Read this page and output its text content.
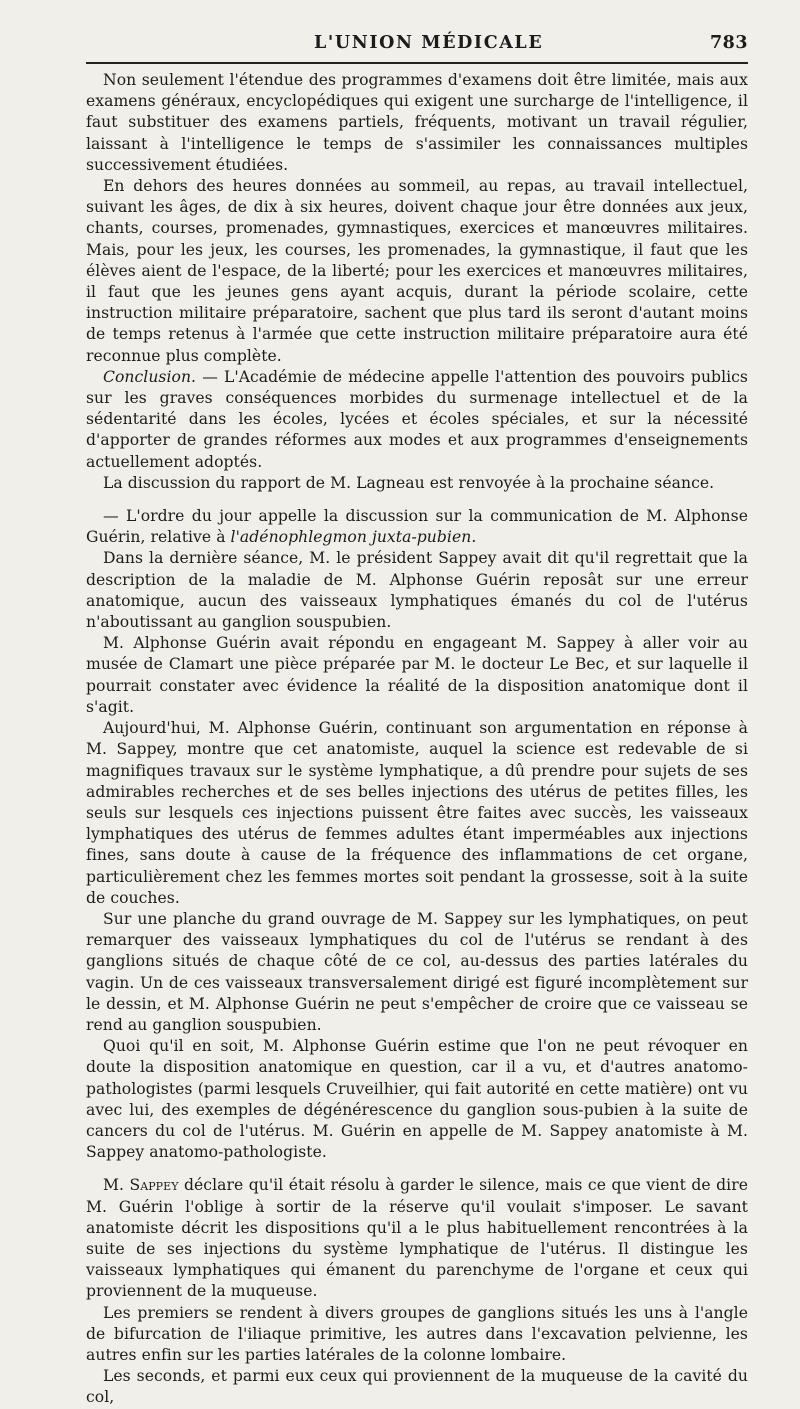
L'UNION MÉDICALE	783

Non seulement l'étendue des programmes d'examens doit être limitée, mais aux examens généraux, encyclopédiques qui exigent une surcharge de l'intelligence, il faut substituer des examens partiels, fréquents, motivant un travail régulier, laissant à l'intelligence le temps de s'assimiler les connaissances multiples successivement étudiées.

En dehors des heures données au sommeil, au repas, au travail intellectuel, suivant les âges, de dix à six heures, doivent chaque jour être données aux jeux, chants, courses, promenades, gymnastiques, exercices et manœuvres militaires. Mais, pour les jeux, les courses, les promenades, la gymnastique, il faut que les élèves aient de l'espace, de la liberté; pour les exercices et manœuvres militaires, il faut que les jeunes gens ayant acquis, durant la période scolaire, cette instruction militaire préparatoire, sachent que plus tard ils seront d'autant moins de temps retenus à l'armée que cette instruction militaire préparatoire aura été reconnue plus complète.

Conclusion. — L'Académie de médecine appelle l'attention des pouvoirs publics sur les graves conséquences morbides du surmenage intellectuel et de la sédentarité dans les écoles, lycées et écoles spéciales, et sur la nécessité d'apporter de grandes réformes aux modes et aux programmes d'enseignements actuellement adoptés.

La discussion du rapport de M. Lagneau est renvoyée à la prochaine séance.

— L'ordre du jour appelle la discussion sur la communication de M. Alphonse Guérin, relative à l'adénophlegmon juxta-pubien.

Dans la dernière séance, M. le président Sappey avait dit qu'il regrettait que la description de la maladie de M. Alphonse Guérin reposât sur une erreur anatomique, aucun des vaisseaux lymphatiques émanés du col de l'utérus n'aboutissant au ganglion souspubien.

M. Alphonse Guérin avait répondu en engageant M. Sappey à aller voir au musée de Clamart une pièce préparée par M. le docteur Le Bec, et sur laquelle il pourrait constater avec évidence la réalité de la disposition anatomique dont il s'agit.

Aujourd'hui, M. Alphonse Guérin, continuant son argumentation en réponse à M. Sappey, montre que cet anatomiste, auquel la science est redevable de si magnifiques travaux sur le système lymphatique, a dû prendre pour sujets de ses admirables recherches et de ses belles injections des utérus de petites filles, les seuls sur lesquels ces injections puissent être faites avec succès, les vaisseaux lymphatiques des utérus de femmes adultes étant imperméables aux injections fines, sans doute à cause de la fréquence des inflammations de cet organe, particulièrement chez les femmes mortes soit pendant la grossesse, soit à la suite de couches.

Sur une planche du grand ouvrage de M. Sappey sur les lymphatiques, on peut remarquer des vaisseaux lymphatiques du col de l'utérus se rendant à des ganglions situés de chaque côté de ce col, au-dessus des parties latérales du vagin. Un de ces vaisseaux transversalement dirigé est figuré incomplètement sur le dessin, et M. Alphonse Guérin ne peut s'empêcher de croire que ce vaisseau se rend au ganglion souspubien.

Quoi qu'il en soit, M. Alphonse Guérin estime que l'on ne peut révoquer en doute la disposition anatomique en question, car il a vu, et d'autres anatomo-pathologistes (parmi lesquels Cruveilhier, qui fait autorité en cette matière) ont vu avec lui, des exemples de dégénérescence du ganglion sous-pubien à la suite de cancers du col de l'utérus. M. Guérin en appelle de M. Sappey anatomiste à M. Sappey anatomo-pathologiste.

M. Sappey déclare qu'il était résolu à garder le silence, mais ce que vient de dire M. Guérin l'oblige à sortir de la réserve qu'il voulait s'imposer. Le savant anatomiste décrit les dispositions qu'il a le plus habituellement rencontrées à la suite de ses injections du système lymphatique de l'utérus. Il distingue les vaisseaux lymphatiques qui émanent du parenchyme de l'organe et ceux qui proviennent de la muqueuse.

Les premiers se rendent à divers groupes de ganglions situés les uns à l'angle de bifurcation de l'iliaque primitive, les autres dans l'excavation pelvienne, les autres enfin sur les parties latérales de la colonne lombaire.

Les seconds, et parmi eux ceux qui proviennent de la muqueuse de la cavité du col,
